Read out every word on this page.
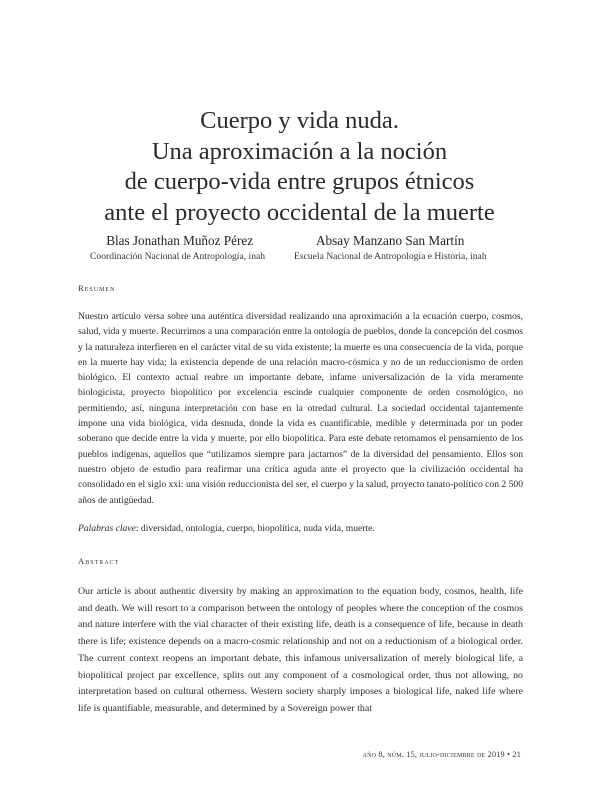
Cuerpo y vida nuda.
Una aproximación a la noción
de cuerpo-vida entre grupos étnicos
ante el proyecto occidental de la muerte
Blas Jonathan Muñoz Pérez
Coordinación Nacional de Antropología, inah
Absay Manzano San Martín
Escuela Nacional de Antropología e Historia, inah
Resumen
Nuestro artículo versa sobre una auténtica diversidad realizando una aproximación a la ecuación cuerpo, cosmos, salud, vida y muerte. Recurrimos a una comparación entre la ontología de pueblos, donde la concepción del cosmos y la naturaleza interfieren en el carácter vital de su vida existente; la muerte es una consecuencia de la vida, porque en la muerte hay vida; la existencia depende de una relación macro-cósmica y no de un reduccionismo de orden biológico. El contexto actual reabre un importante debate, infame universalización de la vida meramente biologicista, proyecto biopolítico por excelencia escinde cualquier componente de orden cosmológico, no permitiendo, así, ninguna interpretación con base en la otredad cultural. La sociedad occidental tajantemente impone una vida biológica, vida desnuda, donde la vida es cuantificable, medible y determinada por un poder soberano que decide entre la vida y muerte, por ello biopolítica. Para este debate retomamos el pensamiento de los pueblos indígenas, aquellos que “utilizamos siempre para jactarnos” de la diversidad del pensamiento. Ellos son nuestro objeto de estudio para reafirmar una crítica aguda ante el proyecto que la civilización occidental ha consolidado en el siglo xxi: una visión reduccionista del ser, el cuerpo y la salud, proyecto tanato-político con 2 500 años de antigüedad.
Palabras clave: diversidad, ontología, cuerpo, biopolítica, nuda vida, muerte.
Abstract
Our article is about authentic diversity by making an approximation to the equation body, cosmos, health, life and death. We will resort to a comparison between the ontology of peoples where the conception of the cosmos and nature interfere with the vial character of their existing life, death is a consequence of life, because in death there is life; existence depends on a macro-cosmic relationship and not on a reductionism of a biological order. The current context reopens an important debate, this infamous universalization of merely biological life, a biopolitical project par excellence, splits out any component of a cosmological order, thus not allowing, no interpretation based on cultural otherness. Western society sharply imposes a biological life, naked life where life is quantifiable, measurable, and determined by a Sovereign power that
año 8, núm. 15, julio-diciembre de 2019 • 21
